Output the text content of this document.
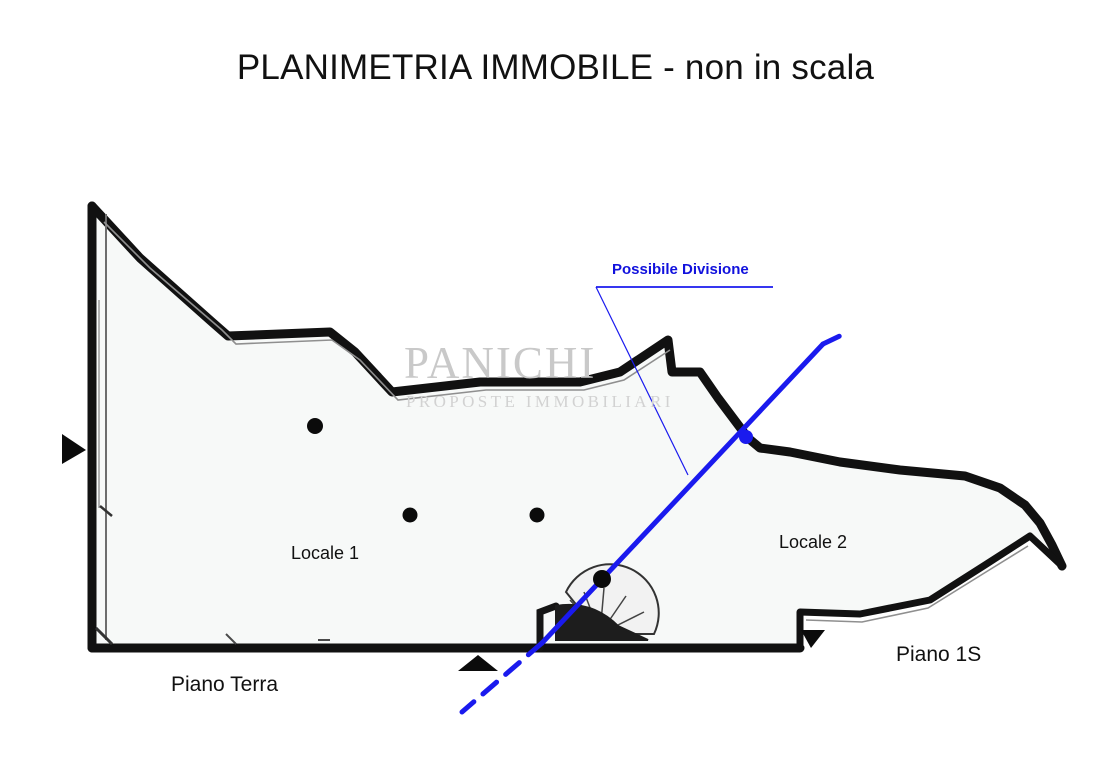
PLANIMETRIA IMMOBILE - non in scala
PANICHI
PROPOSTE IMMOBILIARI
Locale 1
Locale 2
Piano Terra
Piano 1S
Possibile Divisione
